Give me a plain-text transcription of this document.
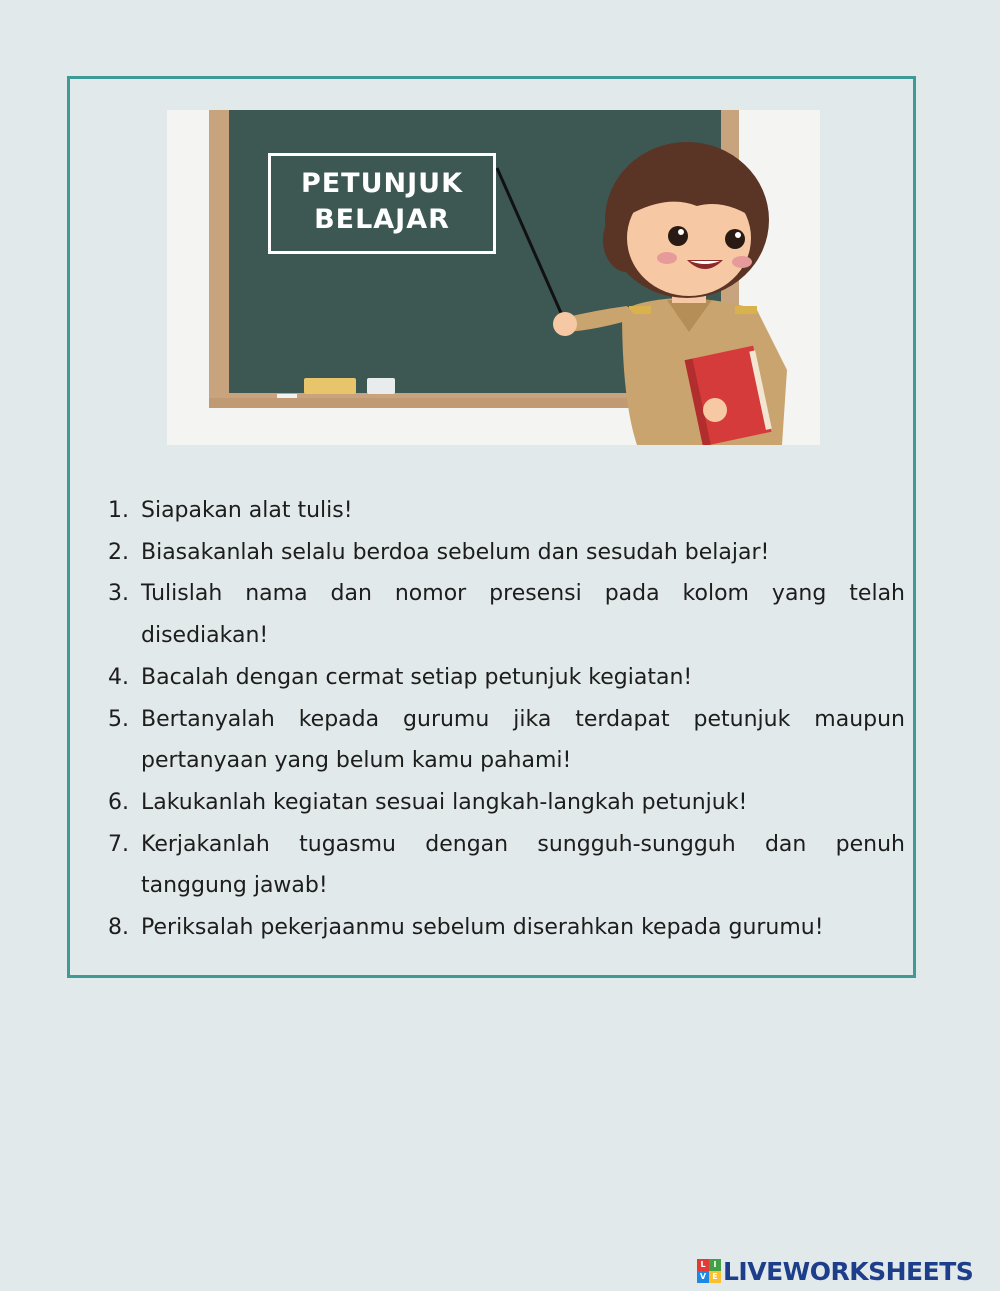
PETUNJUK
BELAJAR
1. Siapakan alat tulis!
2. Biasakanlah selalu berdoa sebelum dan sesudah belajar!
3. Tulislah nama dan nomor presensi pada kolom yang telah disediakan!
4. Bacalah dengan cermat setiap petunjuk kegiatan!
5. Bertanyalah kepada gurumu jika terdapat petunjuk maupun pertanyaan yang belum kamu pahami!
6. Lakukanlah kegiatan sesuai langkah-langkah petunjuk!
7. Kerjakanlah tugasmu dengan sungguh-sungguh dan penuh tanggung jawab!
8. Periksalah pekerjaanmu sebelum diserahkan kepada gurumu!
L I
V E LIVEWORKSHEETS
